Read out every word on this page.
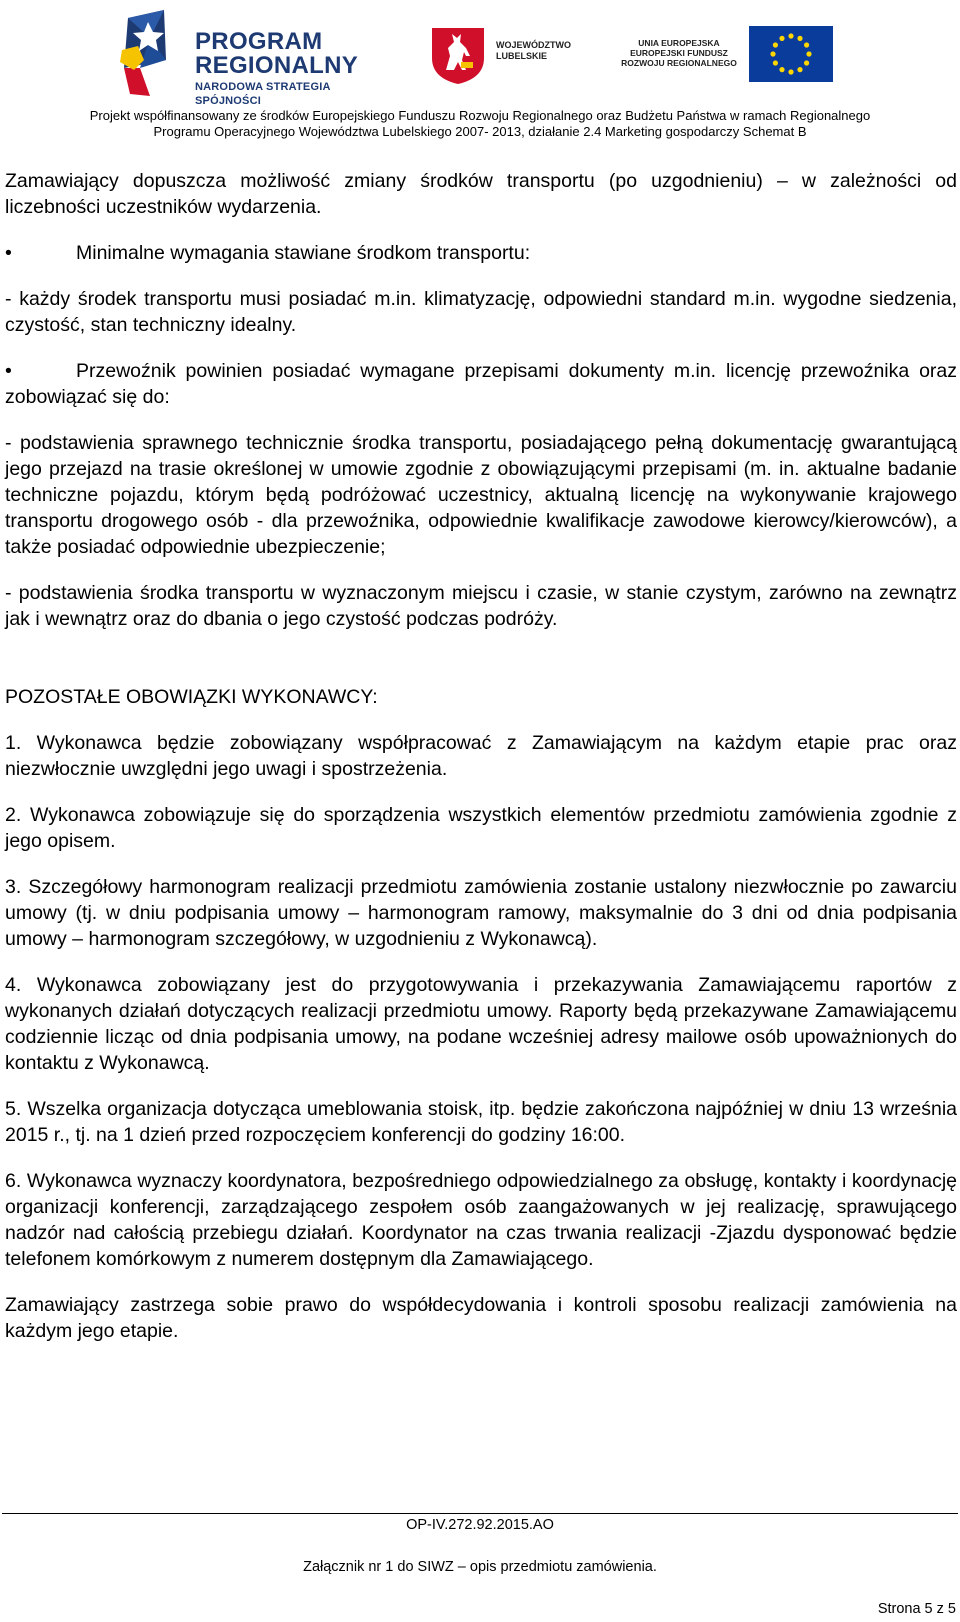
PROGRAM
REGIONALNY
NARODOWA STRATEGIA SPÓJNOŚCI
WOJEWÓDZTWO
LUBELSKIE
UNIA EUROPEJSKA
EUROPEJSKI FUNDUSZ
ROZWOJU REGIONALNEGO
Projekt współfinansowany ze środków Europejskiego Funduszu Rozwoju Regionalnego oraz Budżetu Państwa w ramach Regionalnego
Programu Operacyjnego Województwa Lubelskiego 2007- 2013, działanie 2.4 Marketing gospodarczy Schemat B

Zamawiający dopuszcza możliwość zmiany środków transportu (po uzgodnieniu) – w zależności od liczebności uczestników wydarzenia.

•	Minimalne wymagania stawiane środkom transportu:

- każdy środek transportu musi posiadać m.in. klimatyzację, odpowiedni standard m.in. wygodne siedzenia, czystość, stan techniczny idealny.

•	Przewoźnik powinien posiadać wymagane przepisami dokumenty m.in. licencję przewoźnika oraz zobowiązać się do:

- podstawienia sprawnego technicznie środka transportu, posiadającego pełną dokumentację gwarantującą jego przejazd na trasie określonej w umowie zgodnie z obowiązującymi przepisami (m. in. aktualne badanie techniczne pojazdu, którym będą podróżować uczestnicy, aktualną licencję na wykonywanie krajowego transportu drogowego osób - dla przewoźnika, odpowiednie kwalifikacje zawodowe kierowcy/kierowców), a także posiadać odpowiednie ubezpieczenie;

- podstawienia środka transportu w wyznaczonym miejscu i czasie, w stanie czystym, zarówno na zewnątrz jak i wewnątrz oraz do dbania o jego czystość podczas podróży.

POZOSTAŁE OBOWIĄZKI WYKONAWCY:

1. Wykonawca będzie zobowiązany współpracować z Zamawiającym na każdym etapie prac oraz niezwłocznie uwzględni jego uwagi i spostrzeżenia.

2. Wykonawca zobowiązuje się do sporządzenia wszystkich elementów przedmiotu zamówienia zgodnie z jego opisem.

3. Szczegółowy harmonogram realizacji przedmiotu zamówienia zostanie ustalony niezwłocznie po zawarciu umowy (tj. w dniu podpisania umowy – harmonogram ramowy, maksymalnie do 3 dni od dnia podpisania umowy – harmonogram szczegółowy, w uzgodnieniu z Wykonawcą).

4. Wykonawca zobowiązany jest do przygotowywania i przekazywania Zamawiającemu raportów z wykonanych działań dotyczących realizacji przedmiotu umowy. Raporty będą przekazywane Zamawiającemu codziennie licząc od dnia podpisania umowy, na podane wcześniej adresy mailowe osób upoważnionych do kontaktu z Wykonawcą.

5. Wszelka organizacja dotycząca umeblowania stoisk, itp. będzie zakończona najpóźniej w dniu 13 września 2015 r., tj. na 1 dzień przed rozpoczęciem konferencji do godziny 16:00.

6. Wykonawca wyznaczy koordynatora, bezpośredniego odpowiedzialnego za obsługę, kontakty i koordynację organizacji konferencji, zarządzającego zespołem osób zaangażowanych w jej realizację, sprawującego nadzór nad całością przebiegu działań. Koordynator na czas trwania realizacji -Zjazdu dysponować będzie telefonem komórkowym z numerem dostępnym dla Zamawiającego.

Zamawiający zastrzega sobie prawo do współdecydowania i kontroli sposobu realizacji zamówienia na każdym jego etapie.

OP-IV.272.92.2015.AO
Załącznik nr 1 do SIWZ – opis przedmiotu zamówienia.
Strona 5 z 5
